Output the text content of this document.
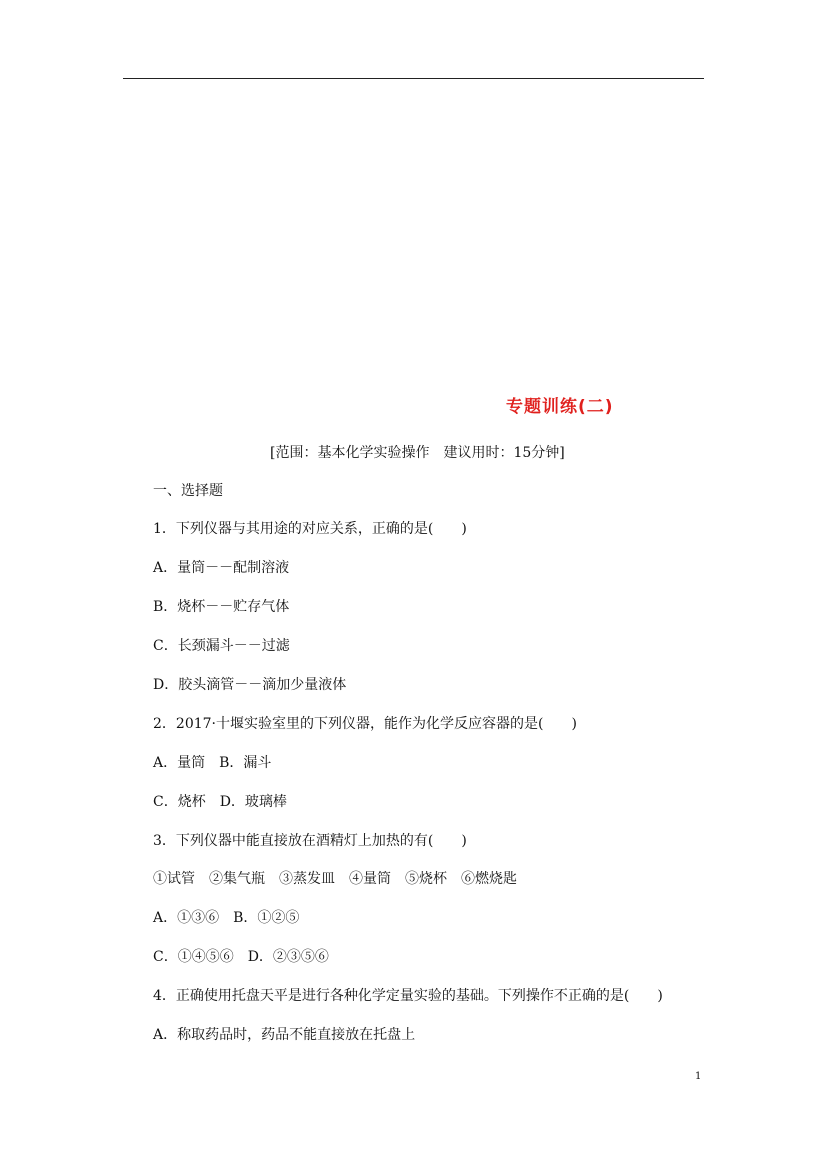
专题训练(二)
[范围：基本化学实验操作　建议用时：15分钟]
一、选择题
1．下列仪器与其用途的对应关系，正确的是(　　)
A．量筒－－配制溶液
B．烧杯－－贮存气体
C．长颈漏斗－－过滤
D．胶头滴管－－滴加少量液体
2．2017·十堰实验室里的下列仪器，能作为化学反应容器的是(　　)
A．量筒　B．漏斗
C．烧杯　D．玻璃棒
3．下列仪器中能直接放在酒精灯上加热的有(　　)
①试管　②集气瓶　③蒸发皿　④量筒　⑤烧杯　⑥燃烧匙
A．①③⑥　B．①②⑤
C．①④⑤⑥　D．②③⑤⑥
4．正确使用托盘天平是进行各种化学定量实验的基础。下列操作不正确的是(　　)
A．称取药品时，药品不能直接放在托盘上
1
